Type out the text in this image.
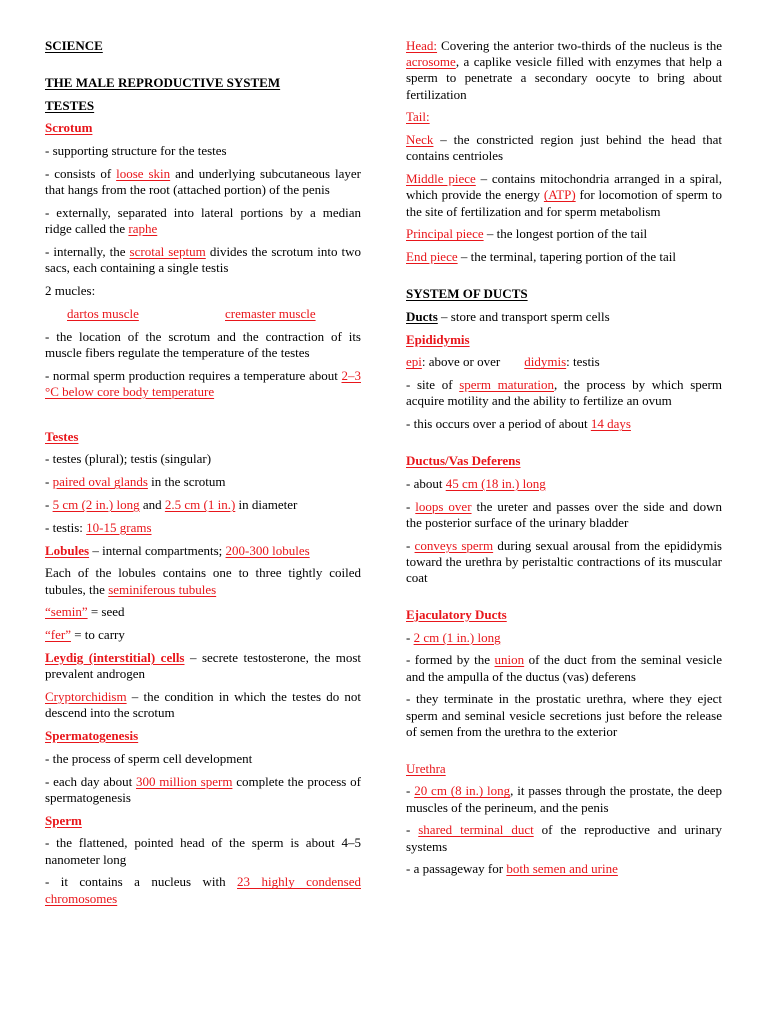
SCIENCE

THE MALE REPRODUCTIVE SYSTEM

TESTES

Scrotum

- supporting structure for the testes

- consists of loose skin and underlying subcutaneous layer that hangs from the root (attached portion) of the penis

- externally, separated into lateral portions by a median ridge called the raphe

- internally, the scrotal septum divides the scrotum into two sacs, each containing a single testis

2 mucles:

dartos muscle	cremaster muscle

- the location of the scrotum and the contraction of its muscle fibers regulate the temperature of the testes

- normal sperm production requires a temperature about 2–3 °C below core body temperature

Testes

- testes (plural); testis (singular)

- paired oval glands in the scrotum

- 5 cm (2 in.) long and 2.5 cm (1 in.) in diameter

- testis: 10-15 grams

Lobules – internal compartments; 200-300 lobules

Each of the lobules contains one to three tightly coiled tubules, the seminiferous tubules

“semin” = seed

“fer” = to carry

Leydig (interstitial) cells – secrete testosterone, the most prevalent androgen

Cryptorchidism – the condition in which the testes do not descend into the scrotum

Spermatogenesis

- the process of sperm cell development

- each day about 300 million sperm complete the process of spermatogenesis

Sperm

- the flattened, pointed head of the sperm is about 4–5 nanometer long

- it contains a nucleus with 23 highly condensed chromosomes

Head: Covering the anterior two-thirds of the nucleus is the acrosome, a caplike vesicle filled with enzymes that help a sperm to penetrate a secondary oocyte to bring about fertilization

Tail:

Neck – the constricted region just behind the head that contains centrioles

Middle piece – contains mitochondria arranged in a spiral, which provide the energy (ATP) for locomotion of sperm to the site of fertilization and for sperm metabolism

Principal piece – the longest portion of the tail

End piece – the terminal, tapering portion of the tail

SYSTEM OF DUCTS

Ducts – store and transport sperm cells

Epididymis

epi: above or over didymis: testis

- site of sperm maturation, the process by which sperm acquire motility and the ability to fertilize an ovum

- this occurs over a period of about 14 days

Ductus/Vas Deferens

- about 45 cm (18 in.) long

- loops over the ureter and passes over the side and down the posterior surface of the urinary bladder

- conveys sperm during sexual arousal from the epididymis toward the urethra by peristaltic contractions of its muscular coat

Ejaculatory Ducts

- 2 cm (1 in.) long

- formed by the union of the duct from the seminal vesicle and the ampulla of the ductus (vas) deferens

- they terminate in the prostatic urethra, where they eject sperm and seminal vesicle secretions just before the release of semen from the urethra to the exterior

Urethra

- 20 cm (8 in.) long, it passes through the prostate, the deep muscles of the perineum, and the penis

- shared terminal duct of the reproductive and urinary systems

- a passageway for both semen and urine
